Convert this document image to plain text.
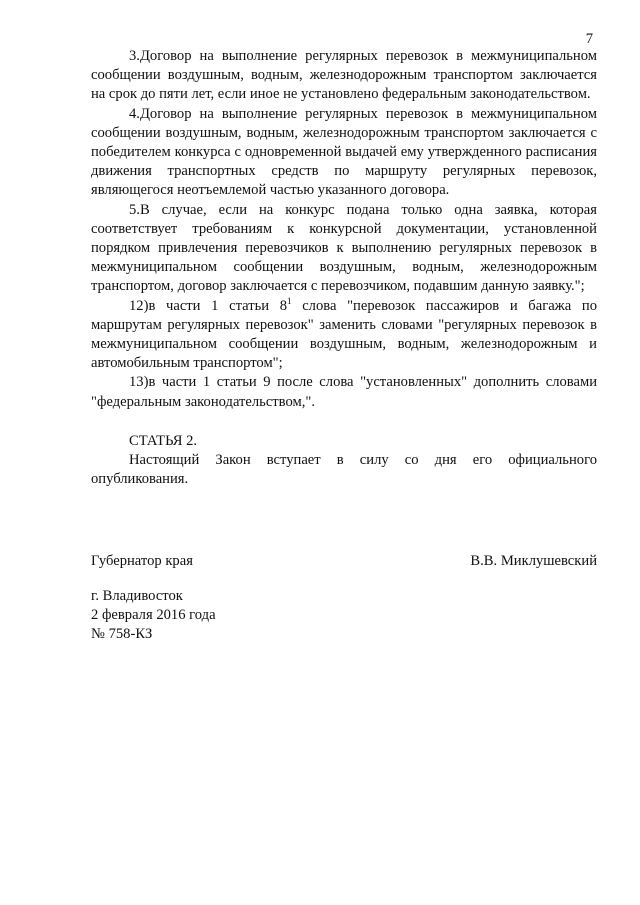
7

3.Договор на выполнение регулярных перевозок в межмуниципальном сообщении воздушным, водным, железнодорожным транспортом заключается на срок до пяти лет, если иное не установлено федеральным законодательством.

4.Договор на выполнение регулярных перевозок в межмуниципальном сообщении воздушным, водным, железнодорожным транспортом заключается с победителем конкурса с одновременной выдачей ему утвержденного расписания движения транспортных средств по маршруту регулярных перевозок, являющегося неотъемлемой частью указанного договора.

5.В случае, если на конкурс подана только одна заявка, которая соответствует требованиям к конкурсной документации, установленной порядком привлечения перевозчиков к выполнению регулярных перевозок в межмуниципальном сообщении воздушным, водным, железнодорожным транспортом, договор заключается с перевозчиком, подавшим данную заявку.";

12)в части 1 статьи $8^1$ слова "перевозок пассажиров и багажа по маршрутам регулярных перевозок" заменить словами "регулярных перевозок в межмуниципальном сообщении воздушным, водным, железнодорожным и автомобильным транспортом";

13)в части 1 статьи 9 после слова "установленных" дополнить словами "федеральным законодательством,".

СТАТЬЯ 2.

Настоящий Закон вступает в силу со дня его официального опубликования.

Губернатор края	В.В. Миклушевский
г. Владивосток
2 февраля 2016 года
№ 758-КЗ
